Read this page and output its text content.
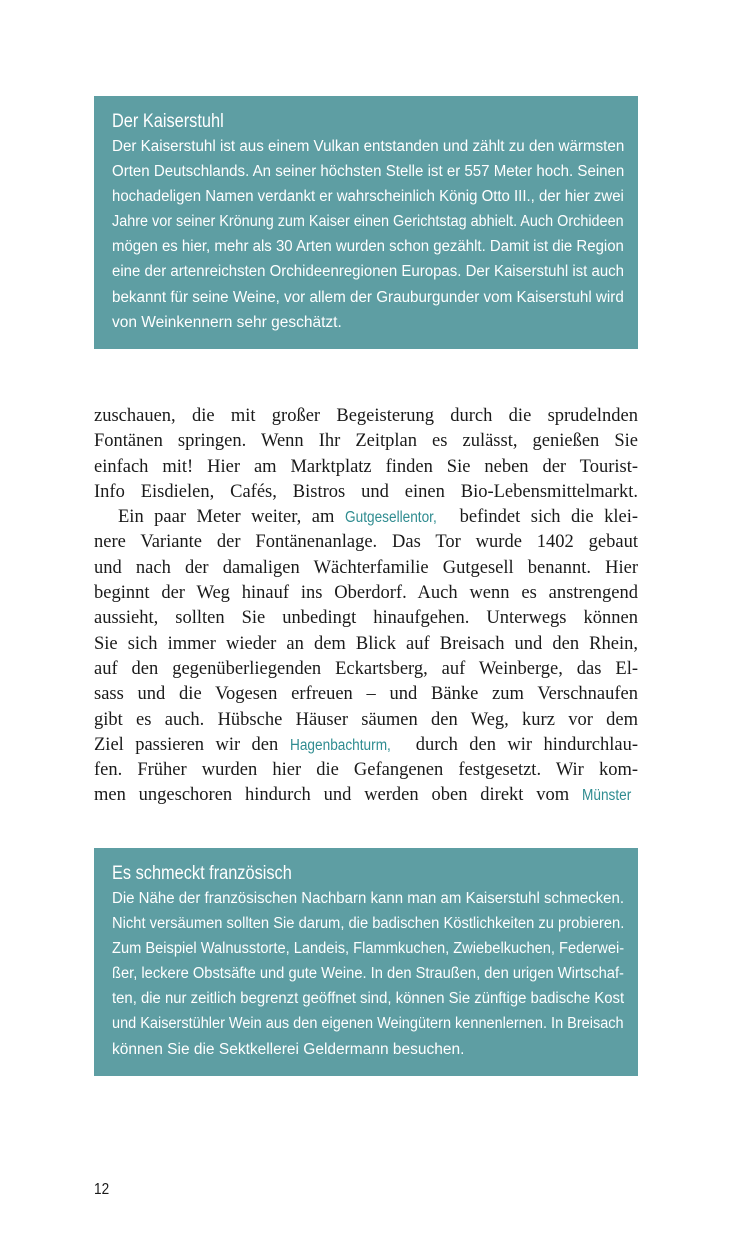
Der Kaiserstuhl
Der Kaiserstuhl ist aus einem Vulkan entstanden und zählt zu den wärmsten
Orten Deutschlands. An seiner höchsten Stelle ist er 557 Meter hoch. Seinen
hochadeligen Namen verdankt er wahrscheinlich König Otto III., der hier zwei
Jahre vor seiner Krönung zum Kaiser einen Gerichtstag abhielt. Auch Orchideen
mögen es hier, mehr als 30 Arten wurden schon gezählt. Damit ist die Region
eine der artenreichsten Orchideenregionen Europas. Der Kaiserstuhl ist auch
bekannt für seine Weine, vor allem der Grauburgunder vom Kaiserstuhl wird
von Weinkennern sehr geschätzt.
zuschauen, die mit großer Begeisterung durch die sprudelnden
Fontänen springen. Wenn Ihr Zeitplan es zulässt, genießen Sie
einfach mit! Hier am Marktplatz finden Sie neben der Tourist-
Info Eisdielen, Cafés, Bistros und einen Bio-Lebensmittelmarkt.
Ein paar Meter weiter, am Gutgesellentor, befindet sich die klei-
nere Variante der Fontänenanlage. Das Tor wurde 1402 gebaut
und nach der damaligen Wächterfamilie Gutgesell benannt. Hier
beginnt der Weg hinauf ins Oberdorf. Auch wenn es anstrengend
aussieht, sollten Sie unbedingt hinaufgehen. Unterwegs können
Sie sich immer wieder an dem Blick auf Breisach und den Rhein,
auf den gegenüberliegenden Eckartsberg, auf Weinberge, das El-
sass und die Vogesen erfreuen – und Bänke zum Verschnaufen
gibt es auch. Hübsche Häuser säumen den Weg, kurz vor dem
Ziel passieren wir den Hagenbachturm, durch den wir hindurchlau-
fen. Früher wurden hier die Gefangenen festgesetzt. Wir kom-
men ungeschoren hindurch und werden oben direkt vom Münster
Es schmeckt französisch
Die Nähe der französischen Nachbarn kann man am Kaiserstuhl schmecken.
Nicht versäumen sollten Sie darum, die badischen Köstlichkeiten zu probieren.
Zum Beispiel Walnusstorte, Landeis, Flammkuchen, Zwiebelkuchen, Federwei-
ßer, leckere Obstsäfte und gute Weine. In den Straußen, den urigen Wirtschaf-
ten, die nur zeitlich begrenzt geöffnet sind, können Sie zünftige badische Kost
und Kaiserstühler Wein aus den eigenen Weingütern kennenlernen. In Breisach
können Sie die Sektkellerei Geldermann besuchen.
12
